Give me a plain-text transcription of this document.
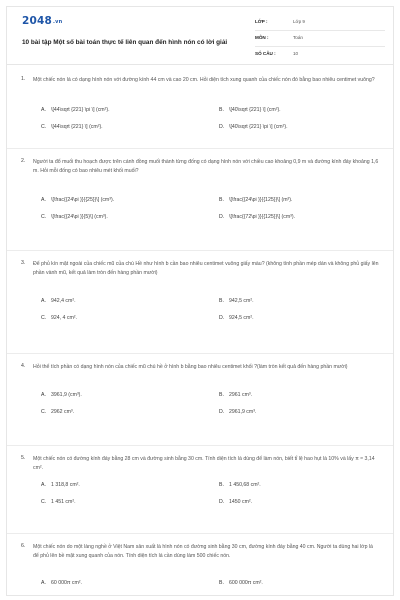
2048.vn
10 bài tập Một số bài toán thực tế liên quan đến hình nón có lời giải
LỚP :	Lớp 9
MÔN :	Toán
SỐ CÂU :	10
1. Một chiếc nón lá có dạng hình nón với đường kính 44 cm và cao 20 cm. Hỏi diện tích xung quanh của chiếc nón đó bằng bao nhiêu centimet vuông?
A. \[44\sqrt {221} \pi \] (cm²).	B. \[40\sqrt {221} \] (cm²).
C. \[44\sqrt {221} \] (cm²).	D. \[40\sqrt {221} \pi \] (cm²).
2. Người ta đổ muối thu hoạch được trên cánh đồng muối thành từng đống có dạng hình nón với chiều cao khoảng 0,9 m và đường kính đáy khoảng 1,6 m. Hỏi mỗi đống có bao nhiêu mét khối muối?
A. \[\frac{{24\pi }}{{25}}\] (cm³).	B. \[\frac{{24\pi }}{{125}}\] (m³).
C. \[\frac{{24\pi }}{5}\] (cm³).	D. \[\frac{{72\pi }}{{125}}\] (cm³).
3. Để phủ kín mặt ngoài của chiếc mũ của chú Hề như hình b cần bao nhiêu centimet vuông giấy màu? (không tính phần mép dán và không phủ giấy lên phần vành mũ, kết quả làm tròn đến hàng phần mười)
A. 942,4 cm².	B. 942,5 cm².
C. 924, 4 cm².	D. 924,5 cm².
4. Hỏi thể tích phần có dạng hình nón của chiếc mũ chú hề ở hình b bằng bao nhiêu centimet khối ?(làm tròn kết quả đến hàng phần mười)
A. 3961,9 (cm³).	B. 2961 cm³.
C. 2962 cm³.	D. 2961,9 cm³.
5. Một chiếc nón có đường kính đáy bằng 28 cm và đường sinh bằng 30 cm. Tính diện tích lá dùng để làm nón, biết tỉ lệ hao hụt là 10% và lấy π ≈ 3,14 cm².
A. 1 318,8 cm².	B. 1 450,68 cm².
C. 1 451 cm².	D. 1450 cm².
6. Một chiếc nón do một làng nghề ở Việt Nam sản xuất là hình nón có đường sinh bằng 30 cm, đường kính đáy bằng 40 cm. Người ta dùng hai lớp lá để phủ lên bề mặt xung quanh của nón. Tính diện tích lá cần dùng làm 500 chiếc nón.
A. 60 000π cm².	B. 600 000π cm².
